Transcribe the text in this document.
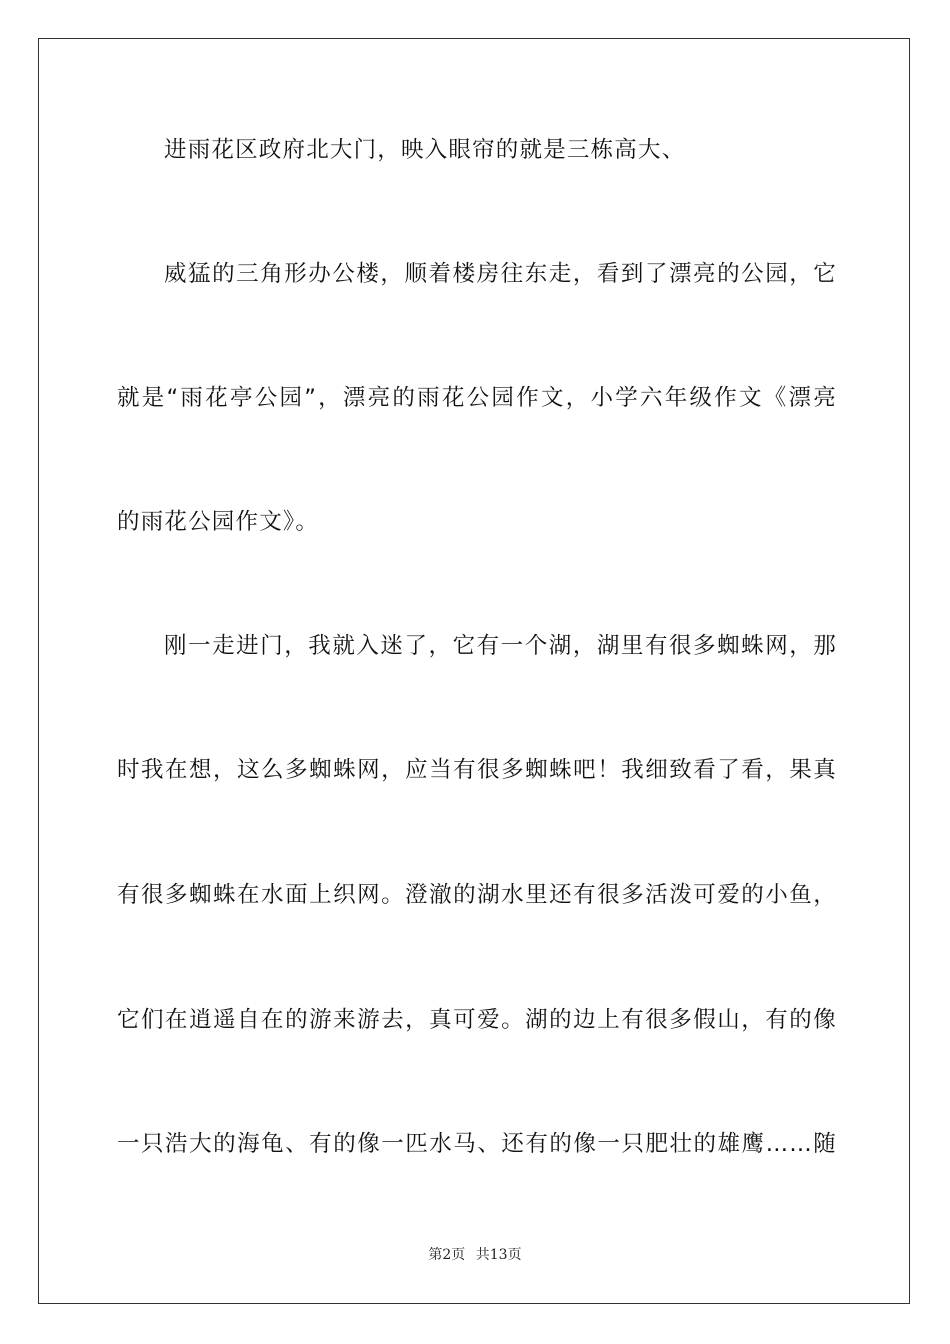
进雨花区政府北大门，映入眼帘的就是三栋高大、
威猛的三角形办公楼，顺着楼房往东走，看到了漂亮的公园，它
就是“雨花亭公园”，漂亮的雨花公园作文，小学六年级作文《漂亮
的雨花公园作文》。
刚一走进门，我就入迷了，它有一个湖，湖里有很多蜘蛛网，那
时我在想，这么多蜘蛛网，应当有很多蜘蛛吧！我细致看了看，果真
有很多蜘蛛在水面上织网。澄澈的湖水里还有很多活泼可爱的小鱼，
它们在逍遥自在的游来游去，真可爱。湖的边上有很多假山，有的像
一只浩大的海龟、有的像一匹水马、还有的像一只肥壮的雄鹰……随
第2页 共13页
